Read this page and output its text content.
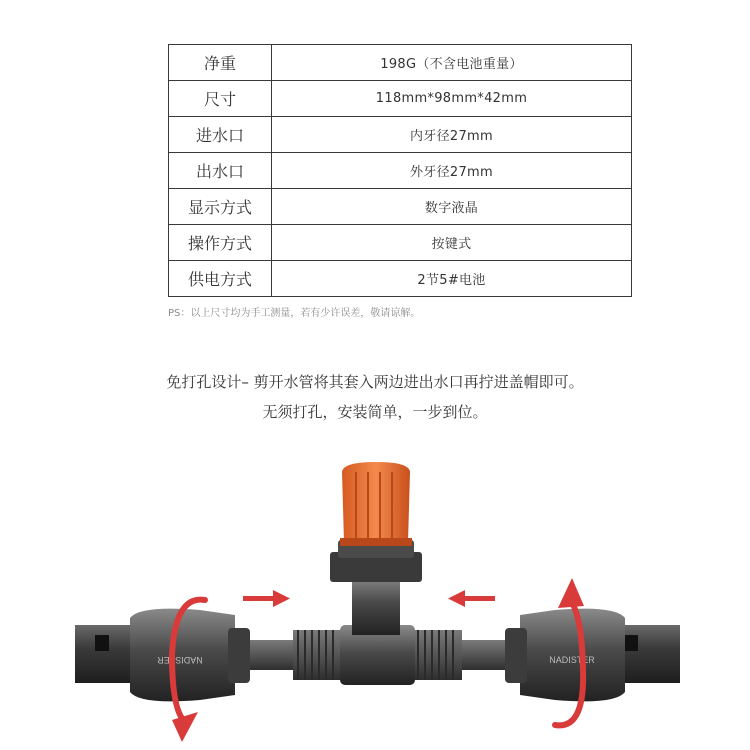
净重	198G（不含电池重量）
尺寸	118mm*98mm*42mm
进水口	内牙径27mm
出水口	外牙径27mm
显示方式	数字液晶
操作方式	按键式
供电方式	2节5#电池
PS：以上尺寸均为手工测量，若有少许误差，敬请谅解。
免打孔设计– 剪开水管将其套入两边进出水口再拧进盖帽即可。
无须打孔，安装简单，一步到位。
NADISTER	NADISTER
